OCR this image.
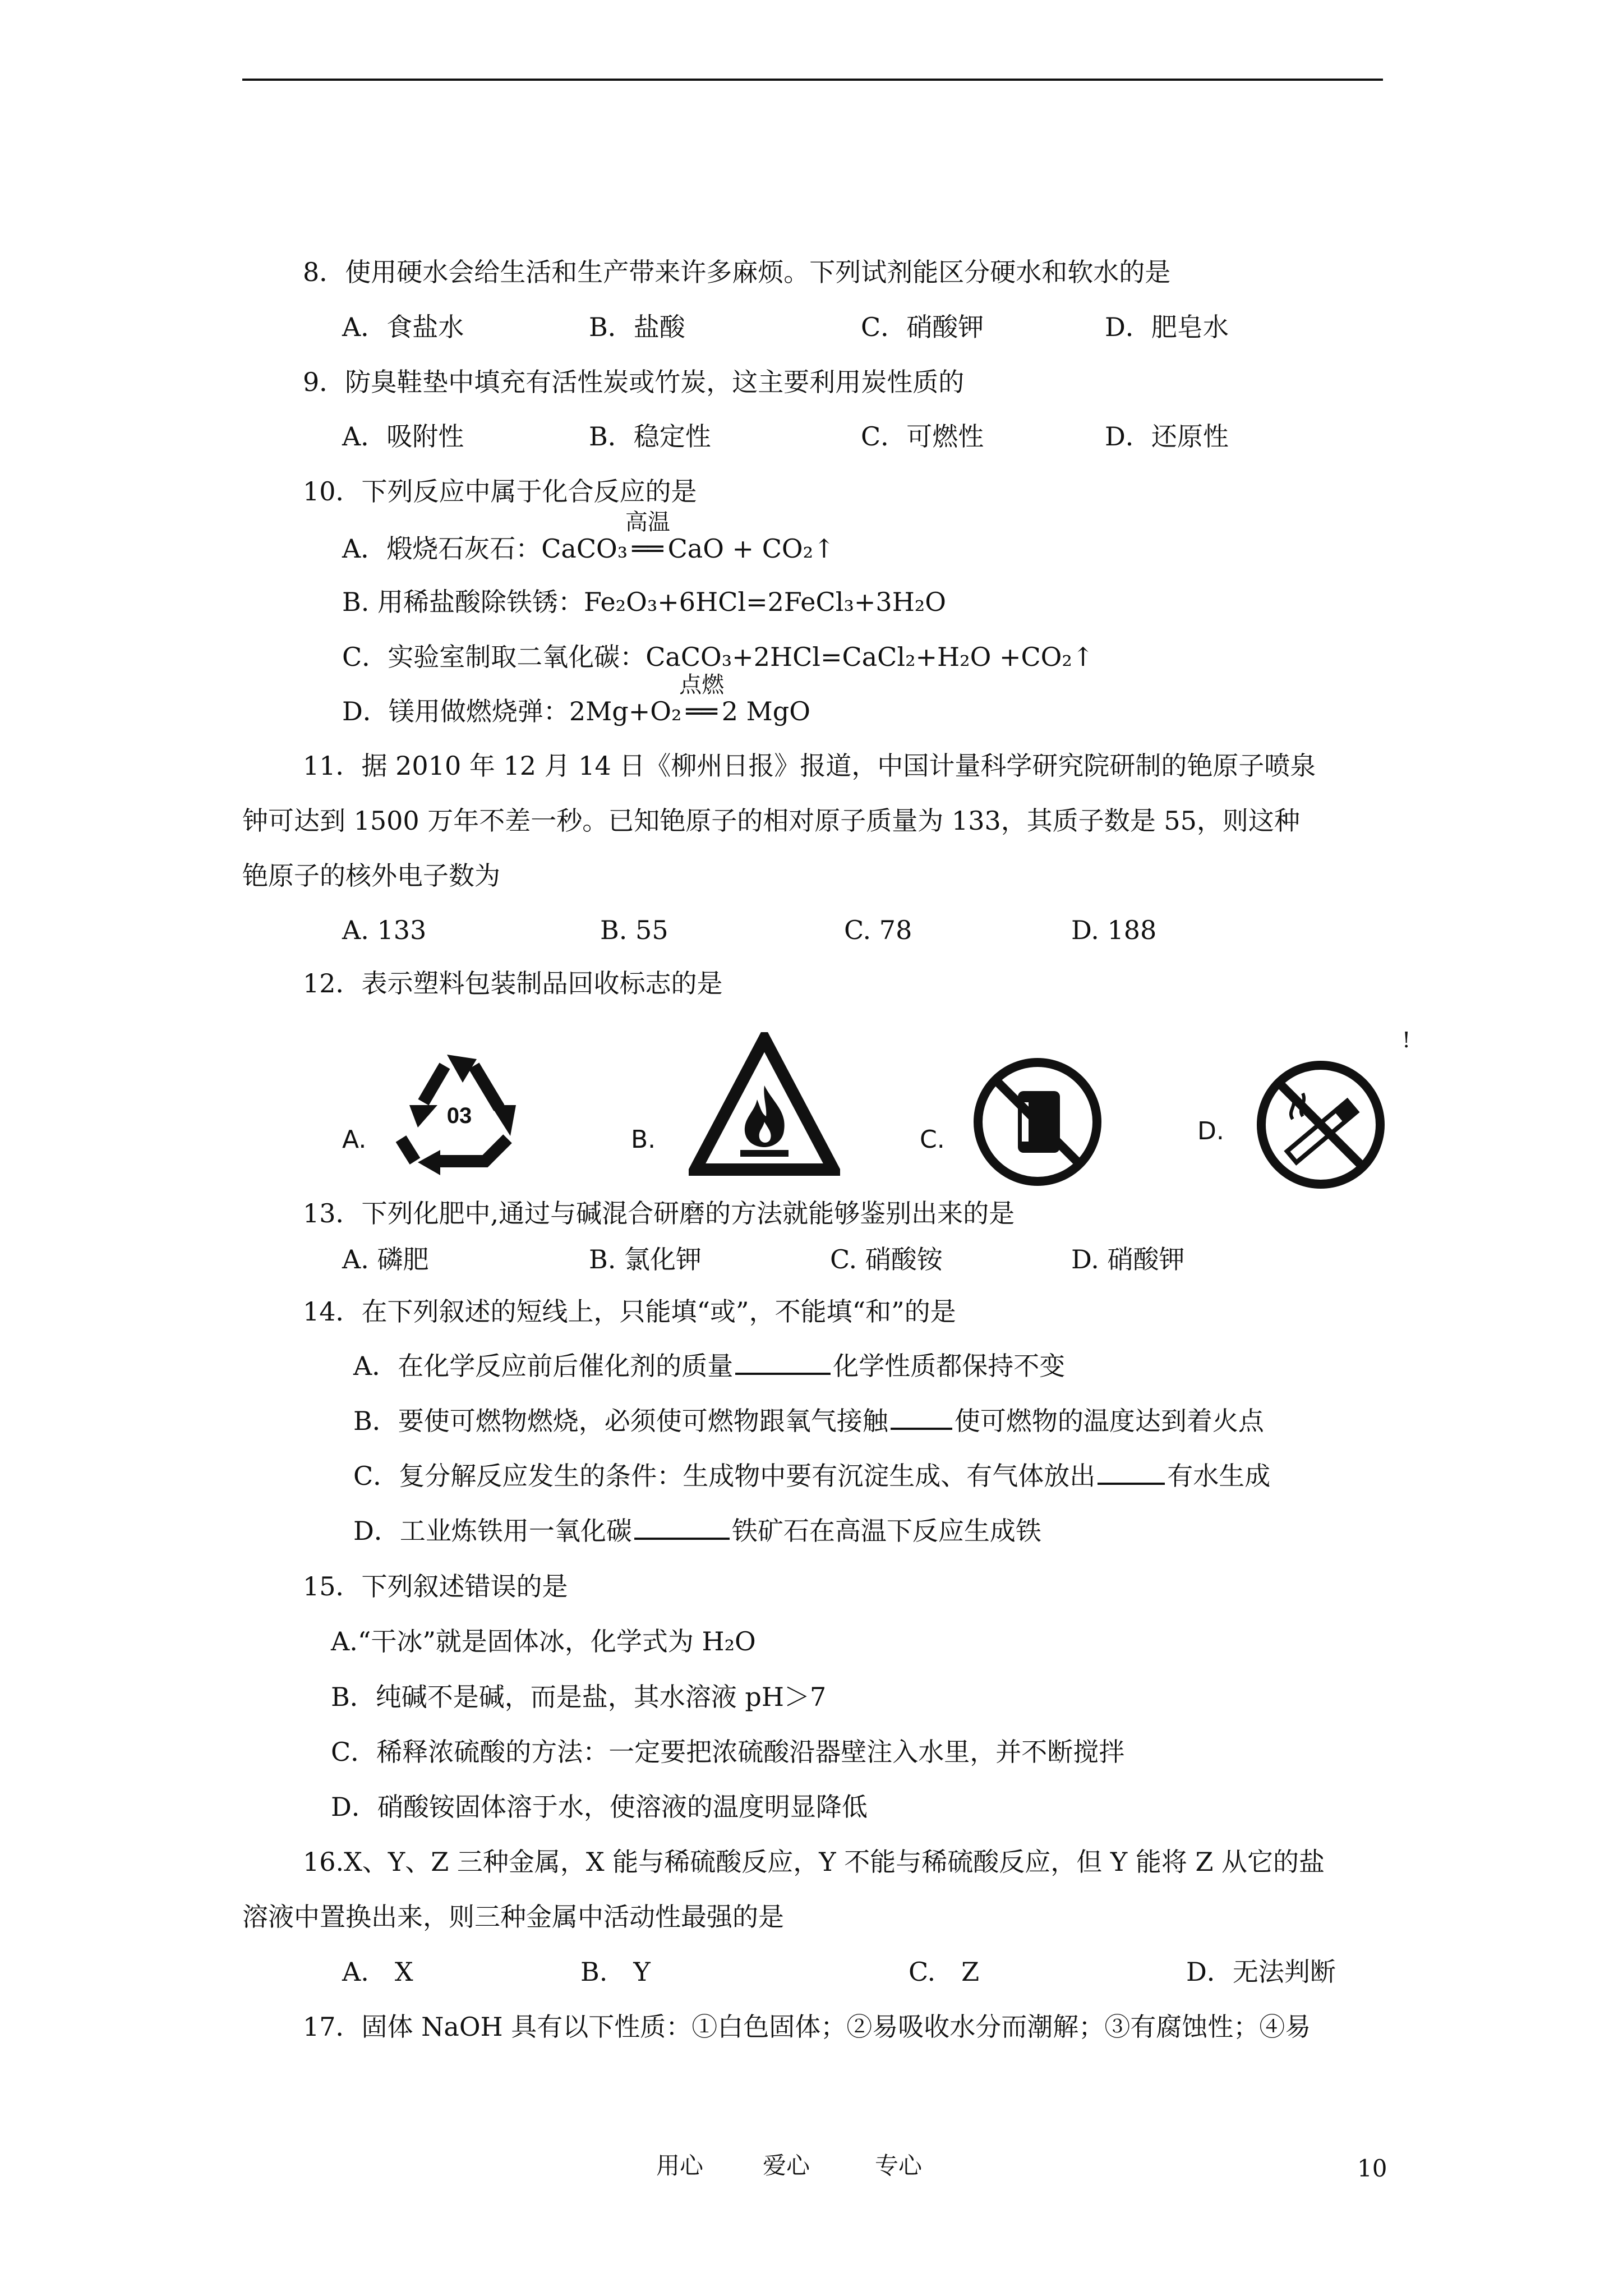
8．使用硬水会给生活和生产带来许多麻烦。下列试剂能区分硬水和软水的是
A．食盐水	B．盐酸	C．硝酸钾	D．肥皂水
9．防臭鞋垫中填充有活性炭或竹炭，这主要利用炭性质的
A．吸附性	B．稳定性	C．可燃性	D．还原性
10．下列反应中属于化合反应的是
A．煅烧石灰石：CaCO₃
高温
══ CaO + CO₂↑
B. 用稀盐酸除铁锈：Fe₂O₃+6HCl=2FeCl₃+3H₂O
C．实验室制取二氧化碳：CaCO₃+2HCl=CaCl₂+H₂O +CO₂↑
D．镁用做燃烧弹：2Mg+O₂
点燃
══ 2 MgO
11．据 2010 年 12 月 14 日《柳州日报》报道，中国计量科学研究院研制的铯原子喷泉
钟可达到 1500 万年不差一秒。已知铯原子的相对原子质量为 133，其质子数是 55，则这种
铯原子的核外电子数为
A. 133	B. 55	C. 78	D. 188
12．表示塑料包装制品回收标志的是
!
A.
03
B.	C.	D.
13．下列化肥中,通过与碱混合研磨的方法就能够鉴别出来的是
A. 磷肥	B. 氯化钾	C. 硝酸铵	D. 硝酸钾
14．在下列叙述的短线上，只能填“或”，不能填“和”的是
A．在化学反应前后催化剂的质量	化学性质都保持不变
B．要使可燃物燃烧，必须使可燃物跟氧气接触	使可燃物的温度达到着火点
C．复分解反应发生的条件：生成物中要有沉淀生成、有气体放出	有水生成
D．工业炼铁用一氧化碳	铁矿石在高温下反应生成铁
15．下列叙述错误的是
A.“干冰”就是固体冰，化学式为 H₂O
B．纯碱不是碱，而是盐，其水溶液 pH＞7
C．稀释浓硫酸的方法：一定要把浓硫酸沿器壁注入水里，并不断搅拌
D．硝酸铵固体溶于水，使溶液的温度明显降低
16.X、Y、Z 三种金属，X 能与稀硫酸反应，Y 不能与稀硫酸反应，但 Y 能将 Z 从它的盐
溶液中置换出来，则三种金属中活动性最强的是
A.　X	B.　Y	C.　Z	D．无法判断
17．固体 NaOH 具有以下性质：①白色固体；②易吸收水分而潮解；③有腐蚀性；④易
用心	爱心	专心	10
